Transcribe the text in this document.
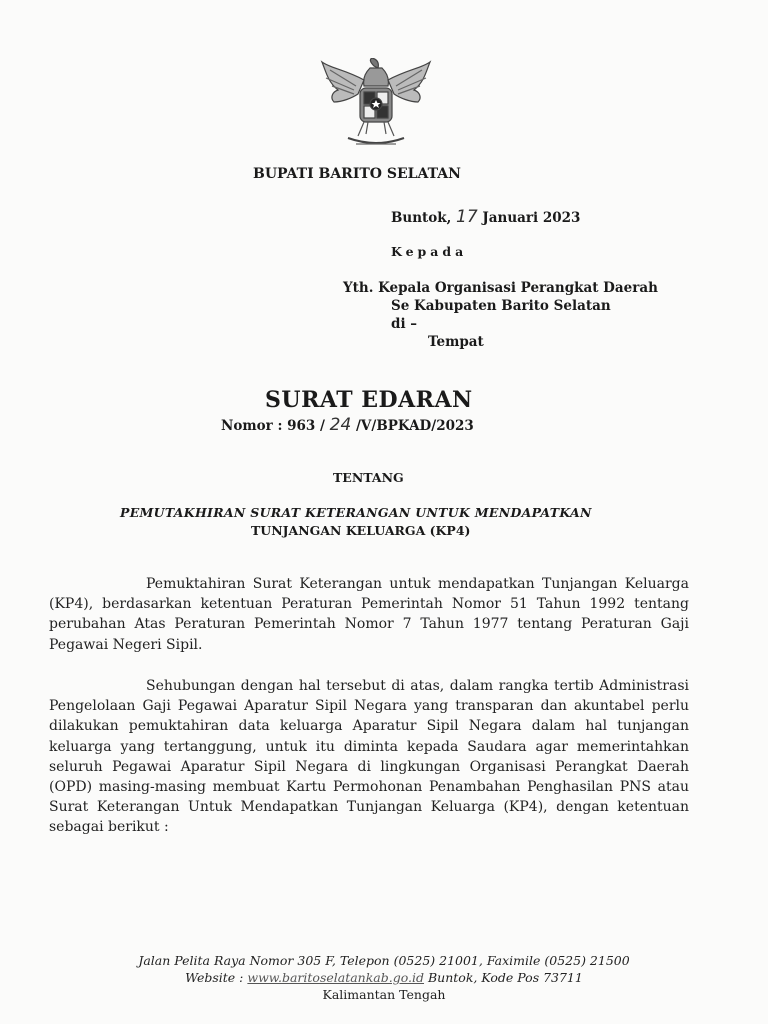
BUPATI BARITO SELATAN
Buntok, 17 Januari 2023
Kepada
Yth. Kepala Organisasi Perangkat Daerah
Se Kabupaten Barito Selatan
di –
Tempat
SURAT EDARAN
Nomor : 963 / 24 /V/BPKAD/2023
TENTANG
PEMUTAKHIRAN SURAT KETERANGAN UNTUK MENDAPATKAN
TUNJANGAN KELUARGA (KP4)
Pemuktahiran Surat Keterangan untuk mendapatkan Tunjangan Keluarga (KP4), berdasarkan ketentuan Peraturan Pemerintah Nomor 51 Tahun 1992 tentang perubahan Atas Peraturan Pemerintah Nomor 7 Tahun 1977 tentang Peraturan Gaji Pegawai Negeri Sipil.
Sehubungan dengan hal tersebut di atas, dalam rangka tertib Administrasi Pengelolaan Gaji Pegawai Aparatur Sipil Negara yang transparan dan akuntabel perlu dilakukan pemuktahiran data keluarga Aparatur Sipil Negara dalam hal tunjangan keluarga yang tertanggung, untuk itu diminta kepada Saudara agar memerintahkan seluruh Pegawai Aparatur Sipil Negara di lingkungan Organisasi Perangkat Daerah (OPD) masing-masing membuat Kartu Permohonan Penambahan Penghasilan PNS atau Surat Keterangan Untuk Mendapatkan Tunjangan Keluarga (KP4), dengan ketentuan sebagai berikut :
Jalan Pelita Raya Nomor 305 F, Telepon (0525) 21001, Faximile (0525) 21500
Website : www.baritoselatankab.go.id Buntok, Kode Pos 73711
Kalimantan Tengah
